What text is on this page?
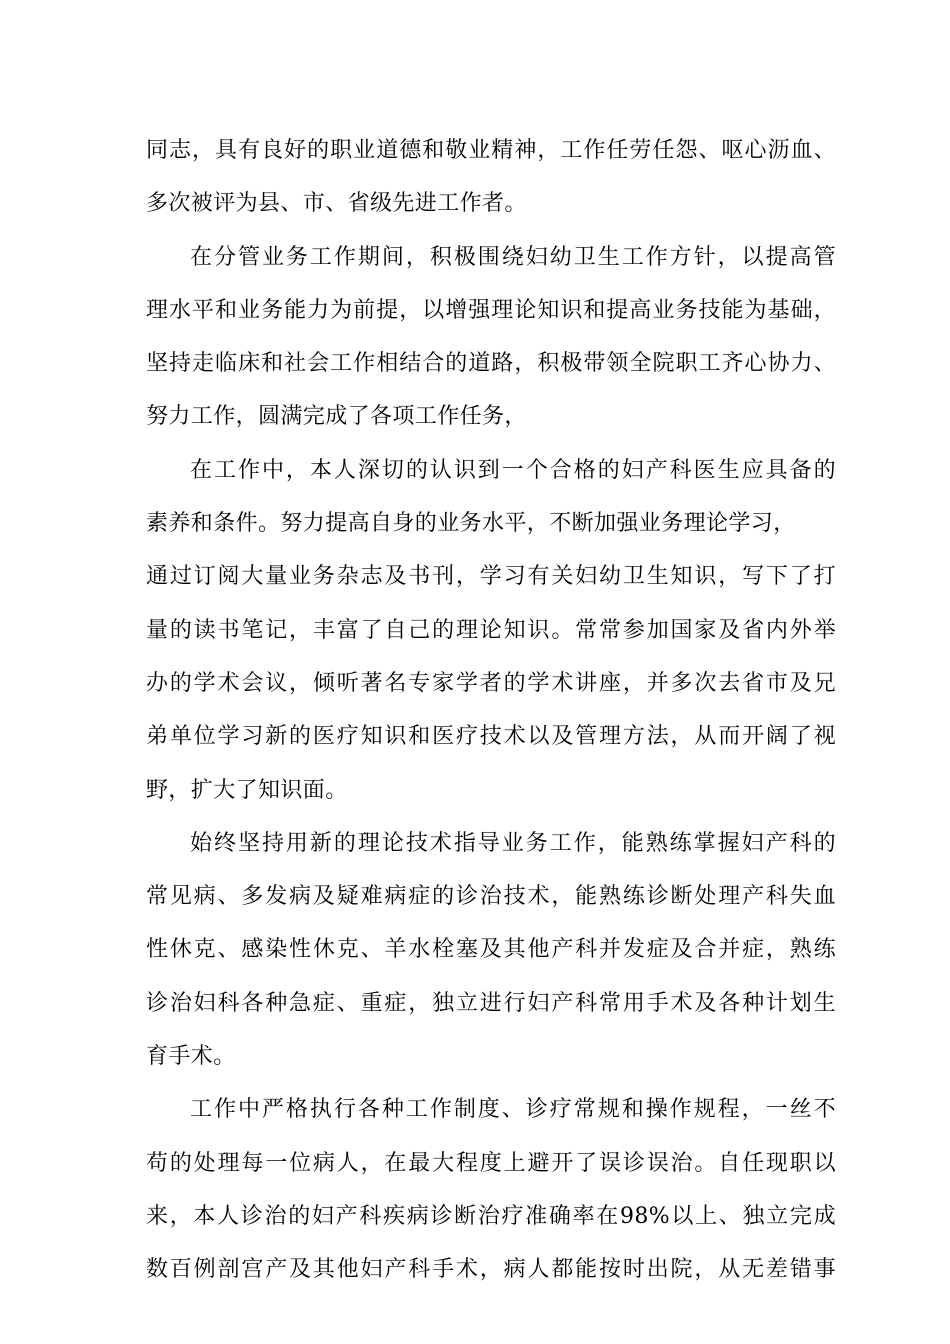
同志，具有良好的职业道德和敬业精神，工作任劳任怨、呕心沥血、
多次被评为县、市、省级先进工作者。
在分管业务工作期间，积极围绕妇幼卫生工作方针，以提高管
理水平和业务能力为前提，以增强理论知识和提高业务技能为基础，
坚持走临床和社会工作相结合的道路，积极带领全院职工齐心协力、
努力工作，圆满完成了各项工作任务，
在工作中，本人深切的认识到一个合格的妇产科医生应具备的
素养和条件。努力提高自身的业务水平，不断加强业务理论学习，
通过订阅大量业务杂志及书刊，学习有关妇幼卫生知识，写下了打
量的读书笔记，丰富了自己的理论知识。常常参加国家及省内外举
办的学术会议，倾听著名专家学者的学术讲座，并多次去省市及兄
弟单位学习新的医疗知识和医疗技术以及管理方法，从而开阔了视
野，扩大了知识面。
始终坚持用新的理论技术指导业务工作，能熟练掌握妇产科的
常见病、多发病及疑难病症的诊治技术，能熟练诊断处理产科失血
性休克、感染性休克、羊水栓塞及其他产科并发症及合并症，熟练
诊治妇科各种急症、重症，独立进行妇产科常用手术及各种计划生
育手术。
工作中严格执行各种工作制度、诊疗常规和操作规程，一丝不
苟的处理每一位病人，在最大程度上避开了误诊误治。自任现职以
来，本人诊治的妇产科疾病诊断治疗准确率在98%以上、独立完成
数百例剖宫产及其他妇产科手术，病人都能按时出院，从无差错事
